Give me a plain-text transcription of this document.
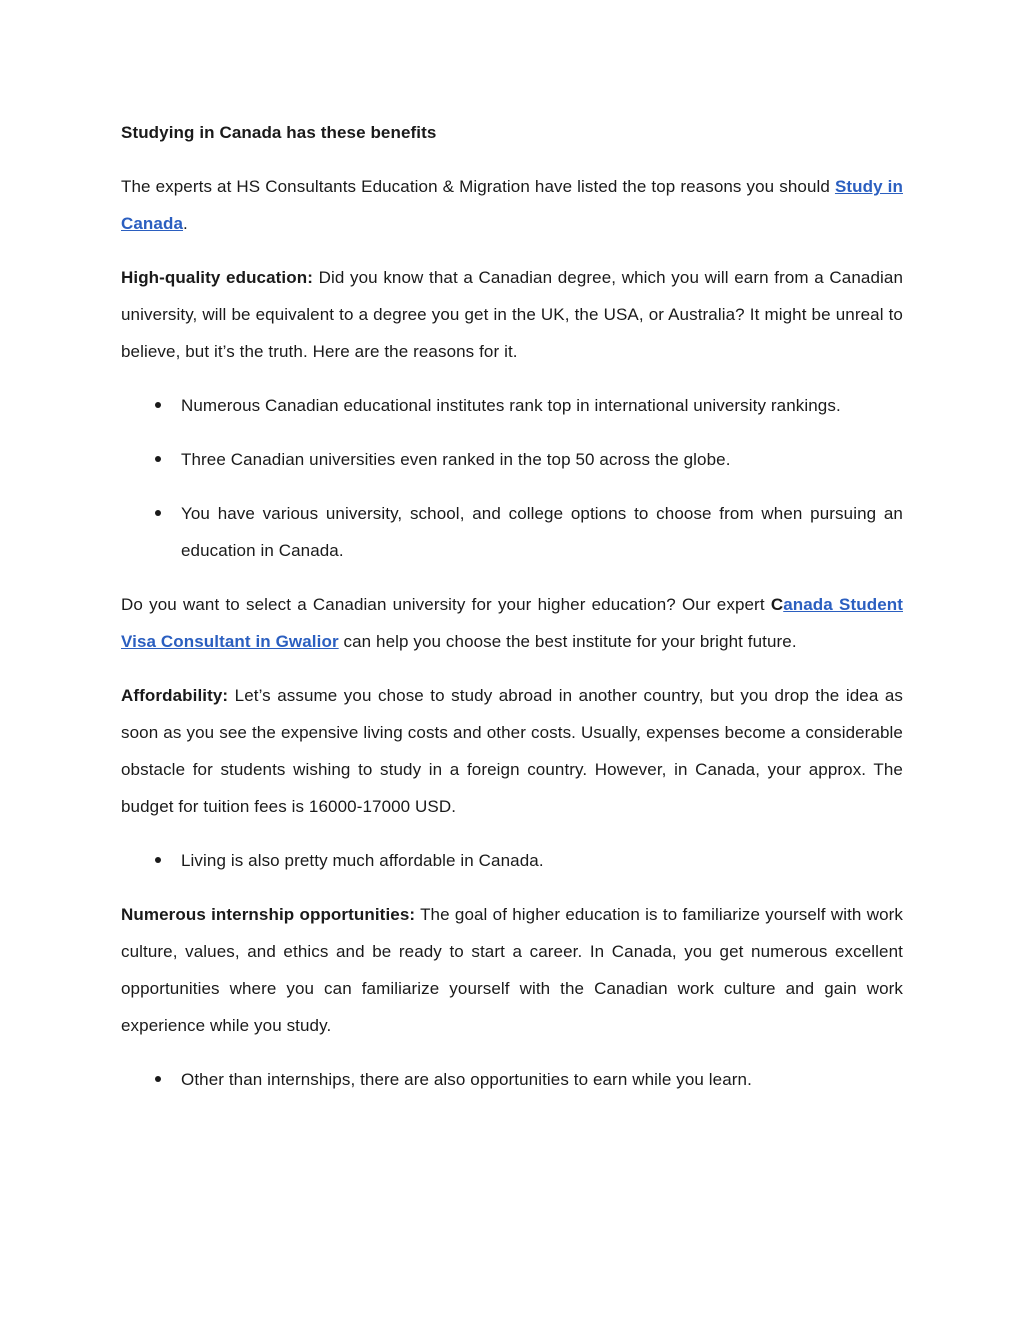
Studying in Canada has these benefits

The experts at HS Consultants Education & Migration have listed the top reasons you should Study in Canada.

High-quality education: Did you know that a Canadian degree, which you will earn from a Canadian university, will be equivalent to a degree you get in the UK, the USA, or Australia? It might be unreal to believe, but it’s the truth. Here are the reasons for it.

Numerous Canadian educational institutes rank top in international university rankings.
Three Canadian universities even ranked in the top 50 across the globe.
You have various university, school, and college options to choose from when pursuing an education in Canada.

Do you want to select a Canadian university for your higher education? Our expert Canada Student Visa Consultant in Gwalior can help you choose the best institute for your bright future.

Affordability: Let’s assume you chose to study abroad in another country, but you drop the idea as soon as you see the expensive living costs and other costs. Usually, expenses become a considerable obstacle for students wishing to study in a foreign country. However, in Canada, your approx. The budget for tuition fees is 16000-17000 USD.

Living is also pretty much affordable in Canada.

Numerous internship opportunities: The goal of higher education is to familiarize yourself with work culture, values, and ethics and be ready to start a career. In Canada, you get numerous excellent opportunities where you can familiarize yourself with the Canadian work culture and gain work experience while you study.

Other than internships, there are also opportunities to earn while you learn.
